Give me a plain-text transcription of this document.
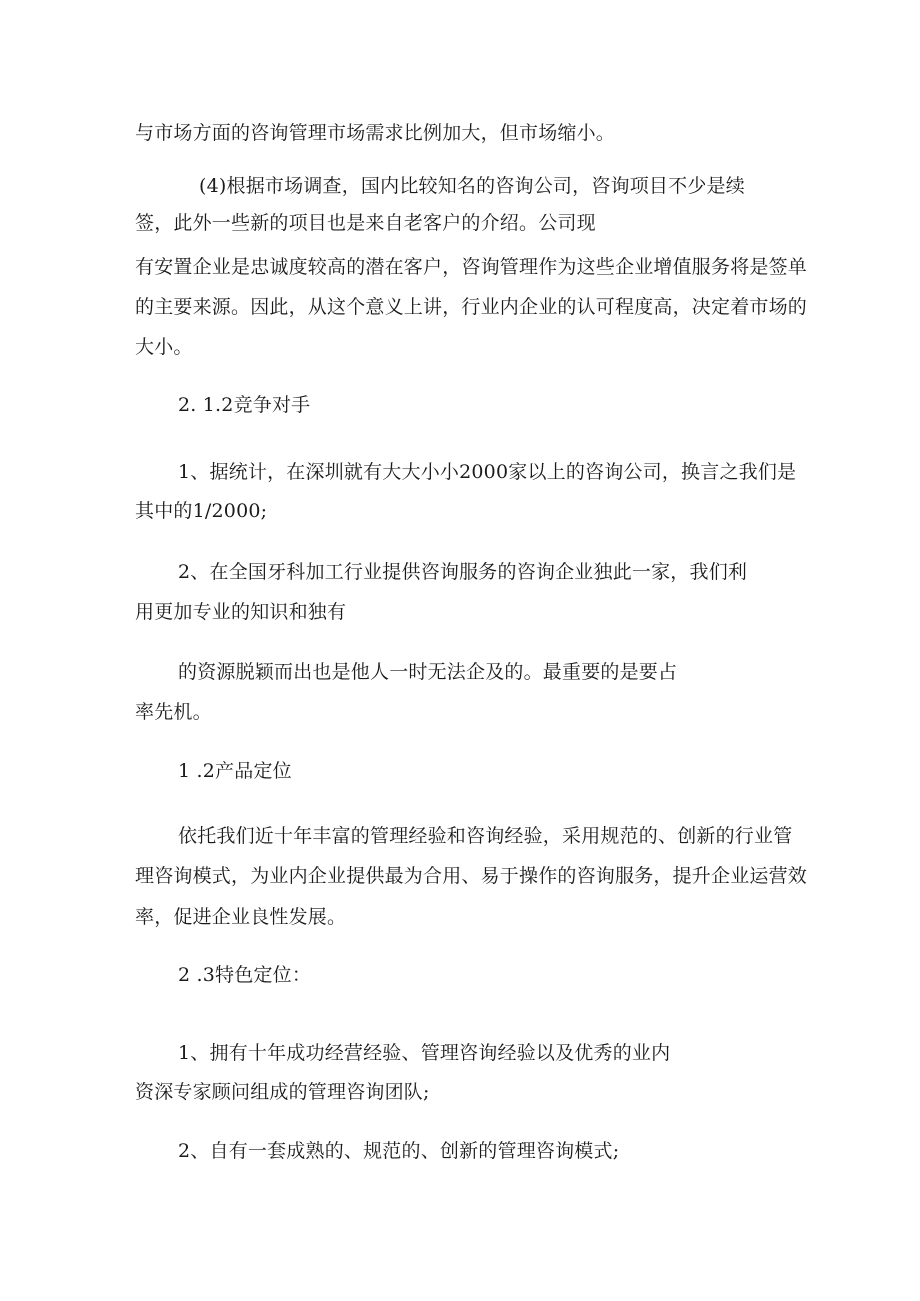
与市场方面的咨询管理市场需求比例加大，但市场缩小。
(4)根据市场调查，国内比较知名的咨询公司，咨询项目不少是续
签，此外一些新的项目也是来自老客户的介绍。公司现
有安置企业是忠诚度较高的潜在客户，咨询管理作为这些企业增值服务将是签单
的主要来源。因此，从这个意义上讲，行业内企业的认可程度高，决定着市场的
大小。
2. 1.2竞争对手
1、据统计，在深圳就有大大小小2000家以上的咨询公司，换言之我们是
其中的1/2000;
2、在全国牙科加工行业提供咨询服务的咨询企业独此一家，我们利
用更加专业的知识和独有
的资源脱颖而出也是他人一时无法企及的。最重要的是要占
率先机。
1 .2产品定位
依托我们近十年丰富的管理经验和咨询经验，采用规范的、创新的行业管
理咨询模式，为业内企业提供最为合用、易于操作的咨询服务，提升企业运营效
率，促进企业良性发展。
2 .3特色定位：
1、拥有十年成功经营经验、管理咨询经验以及优秀的业内
资深专家顾问组成的管理咨询团队;
2、自有一套成熟的、规范的、创新的管理咨询模式;
